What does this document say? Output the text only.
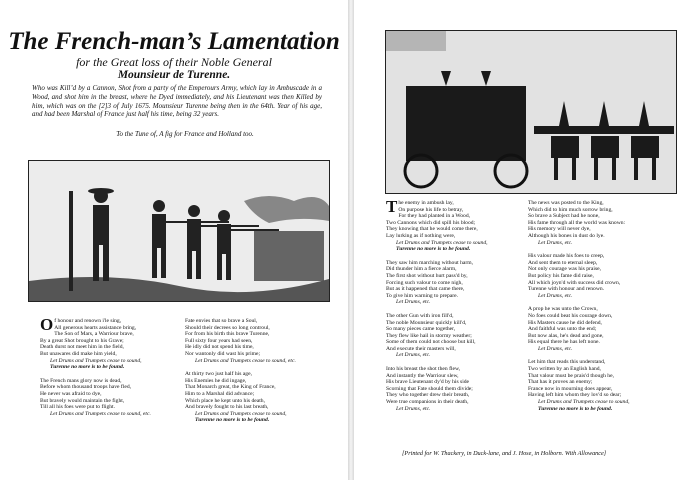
The French-man’s Lamentation
for the Great loss of their Noble General
Mounsieur de Turenne.
Who was Kill’d by a Cannon, Shot from a party of the Emperours Army, which lay in Ambuscade in a Wood, and shot him in the breast, where he Dyed immediately, and his Lieutenant was then Killed by him, which was on the [2]3 of July 1675. Mounsieur Turenne being then in the 64th. Year of his age, and had been Marshal of France just half his time, being 32 years.
To the Tune of, A fig for France and Holland too.
O f honour and renown i'le sing,
All generous hearts assistance bring,
The Son of Mars, a Warriour brave,
By a great Shot brought to his Grave;
Death durst not meet him in the field,
But unawares did make him yield,
Let Drums and Trumpets cease to sound,
Turenne no more is to be found.
The French mans glory now is dead,
Before whom thousand troops have fled,
He never was afraid to dye,
But bravely would maintain the fight,
Till all his foes were put to flight.
Let Drums and Trumpets cease to sound, etc.
Fate envies that so brave a Soul,
Should their decrees so long controul,
For from his birth this brave Turenne,
Full sixty four years had seen,
He idly did not spend his time,
Nor wantonly did wast his prime;
Let Drums and Trumpets cease to sound, etc.
At thirty two just half his age,
His Enemies he did ingage,
That Monarch great, the King of France,
Him to a Marshal did advance;
Which place he kept unto his death,
And bravely fought to his last breath,
Let Drums and Trumpets cease to sound,
Turenne no more is to be found.
T he enemy in ambush lay,
On purpose his life to betray,
For they had planted in a Wood,
Two Cannons which did spill his blood;
They knowing that he would come there,
Lay lurking as if nothing were,
Let Drums and Trumpets cease to sound,
Turenne no more is to be found.
They saw him marching without harm,
Did thunder him a fierce alarm,
The first shot without hurt pass'd by,
Forcing such valour to come nigh,
But as it happened that came there,
To give him warning to prepare.
Let Drums, etc.
The other Gun with iron fill'd,
The noble Mounsieur quickly kill'd,
So many pieces came together,
They flew like hail in stormy weather;
Some of them could not choose but kill,
And execute their masters will,
Let Drums, etc.
Into his breast the shot then flew,
And instantly the Warriour slew,
His brave Lieutenant dy'd by his side
Scorning that Fate should them divide;
They who together drew their breath,
Were true companions in their death,
Let Drums, etc.
The news was posted to the King,
Which did to him much sorrow bring,
So brave a Subject had he none,
His fame through all the world was known:
His memory will never dye,
Although his bones in dust do lye.
Let Drums, etc.
His valour made his foes to creep,
And sent them to eternal sleep,
Not only courage was his praise,
But policy his fame did raise,
All which joyn'd with success did crown,
Turenne with honour and renown.
Let Drums, etc.
A prop he was unto the Crown,
No foes could beat his courage down,
His Masters cause he did defend,
And faithful was unto the end;
But now alas, he's dead and gone,
His equal there he has left none.
Let Drums, etc.
Let him that reads this understand,
Two written by an English hand,
That valour must be prais'd though he,
That has it proves an enemy;
France now in mourning does appear,
Having left him whom they lov'd so dear;
Let Drums and Trumpets cease to sound,
Turenne no more is to be found.
[Printed for W. Thackery, in Duck-lane, and J. Hose, in Holborn. With Allowance]
